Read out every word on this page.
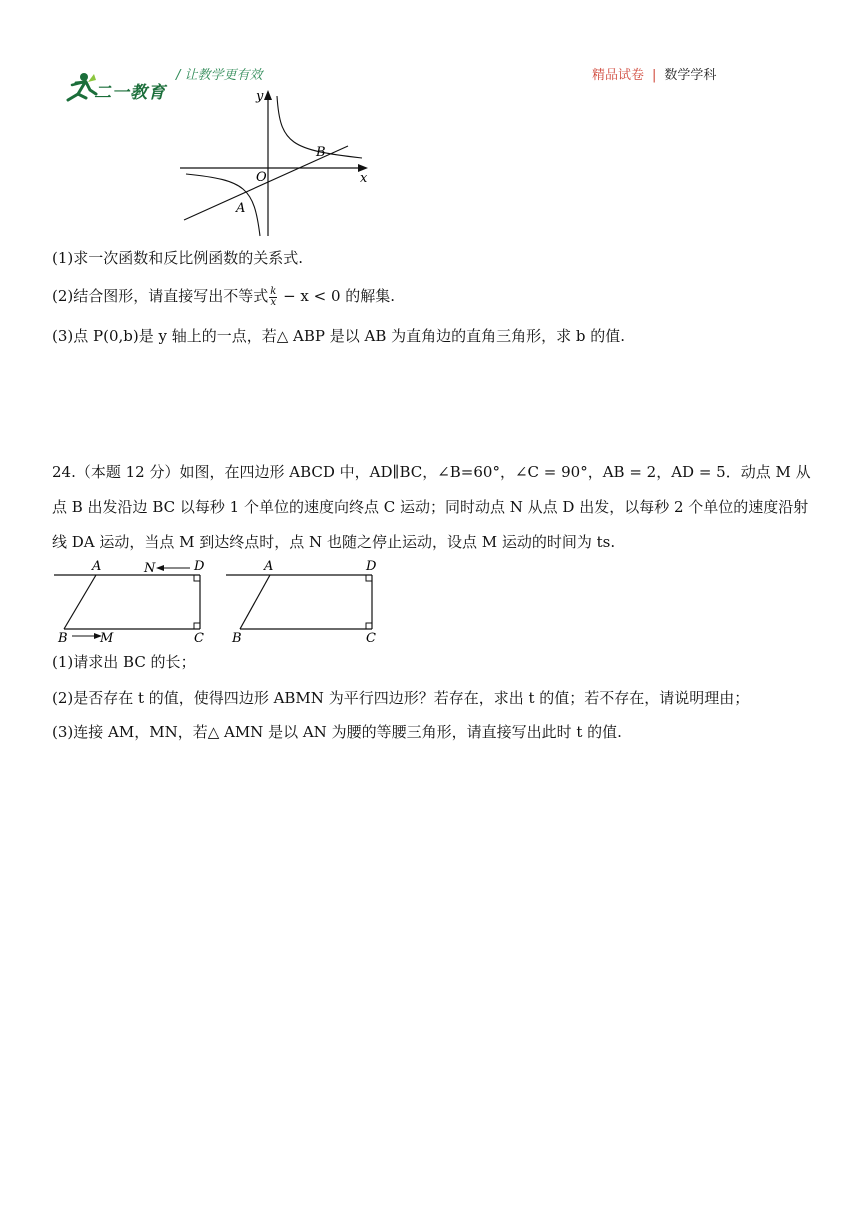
二一教育
/ 让教学更有效	精品试卷 | 数学学科
y
x
O
A
B
(1)求一次函数和反比例函数的关系式.
(2)结合图形，请直接写出不等式 $\frac{k}{x} - x < 0$ 的解集.
(3)点 P(0,b)是 y 轴上的一点，若△ ABP 是以 AB 为直角边的直角三角形，求 b 的值.
24.（本题 12 分）如图，在四边形 ABCD 中，AD∥BC，∠B=60°，∠C = 90°，AB = 2，AD = 5．动点 M 从点 B 出发沿边 BC 以每秒 1 个单位的速度向终点 C 运动；同时动点 N 从点 D 出发，以每秒 2 个单位的速度沿射线 DA 运动，当点 M 到达终点时，点 N 也随之停止运动，设点 M 运动的时间为 ts.
A	N	D
B M	C
A	D
B	C
(1)请求出 BC 的长；
(2)是否存在 t 的值，使得四边形 ABMN 为平行四边形？若存在，求出 t 的值；若不存在，请说明理由；
(3)连接 AM，MN，若△ AMN 是以 AN 为腰的等腰三角形，请直接写出此时 t 的值.
